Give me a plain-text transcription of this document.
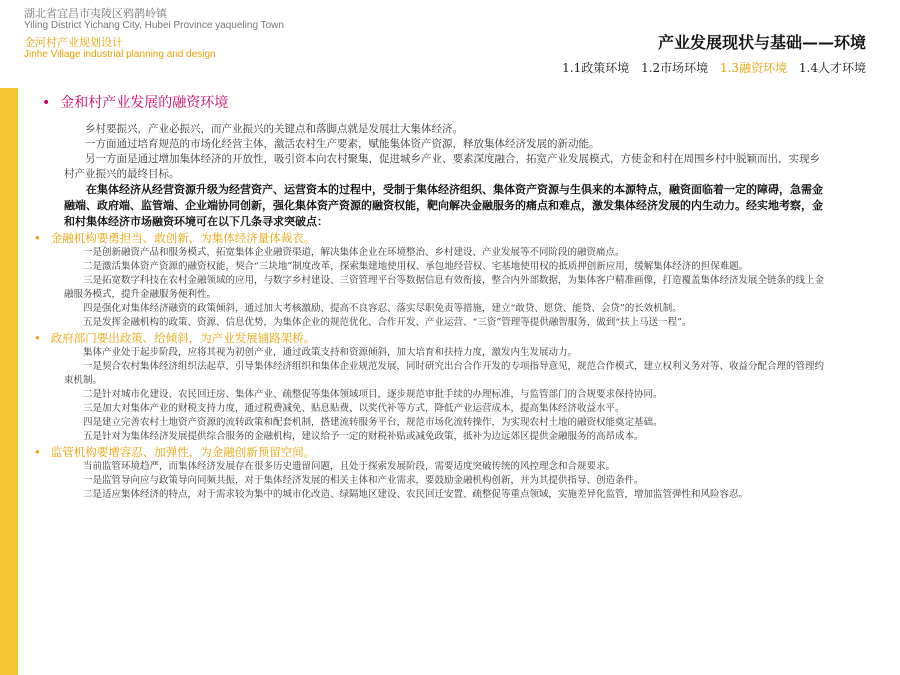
湖北省宜昌市夷陵区鸦鹊岭镇
Yiling District Yichang City, Hubei Province yaqueling Town
金河村产业规划设计
Jinhe Village industrial planning and design
产业发展现状与基础——环境
1.1政策环境 1.2市场环境 1.3融资环境 1.4人才环境
• 金和村产业发展的融资环境

乡村要振兴，产业必振兴，而产业振兴的关键点和落脚点就是发展壮大集体经济。

一方面通过培育规范的市场化经营主体，激活农村生产要素，赋能集体资产资源，释放集体经济发展的新动能。

另一方面是通过增加集体经济的开放性，吸引资本向农村聚集，促进城乡产业、要素深度融合，拓宽产业发展模式，方使金和村在周围乡村中脱颖而出，实现乡村产业振兴的最终目标。

在集体经济从经营资源升级为经营资产、运营资本的过程中，受制于集体经济组织、集体资产资源与生俱来的本源特点，融资面临着一定的障碍，急需金融端、政府端、监管端、企业端协同创新，强化集体资产资源的融资权能，靶向解决金融服务的痛点和难点，激发集体经济发展的内生动力。经实地考察，金和村集体经济市场融资环境可在以下几条寻求突破点：

• 金融机构要勇担当、敢创新，为集体经济量体裁衣。

一是创新融资产品和服务模式，拓宽集体企业融资渠道，解决集体企业在环境整治、乡村建设、产业发展等不同阶段的融资痛点。

二是激活集体资产资源的融资权能，契合“三块地”制度改革，探索集建地使用权、承包地经营权、宅基地使用权的抵质押创新应用，缓解集体经济的担保难题。

三是拓宽数字科技在农村金融领域的应用，与数字乡村建设、三资管理平台等数据信息有效衔接，整合内外部数据，为集体客户精准画像，打造覆盖集体经济发展全链条的线上金融服务模式，提升金融服务便利性。

四是强化对集体经济融资的政策倾斜，通过加大考核激励、提高不良容忍、落实尽职免责等措施，建立“敢贷、愿贷、能贷、会贷”的长效机制。

五是发挥金融机构的政策、资源、信息优势，为集体企业的规范优化、合作开发、产业运营、“三资”管理等提供融智服务，做到“扶上马送一程”。

• 政府部门要出政策、给倾斜，为产业发展铺路架桥。

集体产业处于起步阶段，应将其视为初创产业，通过政策支持和资源倾斜，加大培育和扶持力度，激发内生发展动力。

一是契合农村集体经济组织法起草，引导集体经济组织和集体企业规范发展，同时研究出台合作开发的专项指导意见，规范合作模式，建立权利义务对等、收益分配合理的管理约束机制。

二是针对城市化建设、农民回迁房、集体产业、疏整促等集体领域项目，逐步规范审批手续的办理标准，与监管部门的合规要求保持协同。

三是加大对集体产业的财税支持力度，通过税费减免、贴息贴费、以奖代补等方式，降低产业运营成本，提高集体经济收益水平。

四是建立完善农村土地资产资源的流转政策和配套机制，搭建流转服务平台，规范市场化流转操作，为实现农村土地的融资权能奠定基础。

五是针对为集体经济发展提供综合服务的金融机构，建议给予一定的财税补贴或减免政策，抵补为边远郊区提供金融服务的高昂成本。

• 监管机构要增容忍、加弹性，为金融创新预留空间。

当前监管环境趋严，而集体经济发展存在很多历史遗留问题，且处于探索发展阶段，需要适度突破传统的风控理念和合规要求。

一是监管导向应与政策导向同频共振，对于集体经济发展的相关主体和产业需求，要鼓励金融机构创新，并为其提供指导、创造条件。

二是适应集体经济的特点，对于需求较为集中的城市化改造、绿隔地区建设、农民回迁安置、疏整促等重点领域，实施差异化监管，增加监管弹性和风险容忍。
